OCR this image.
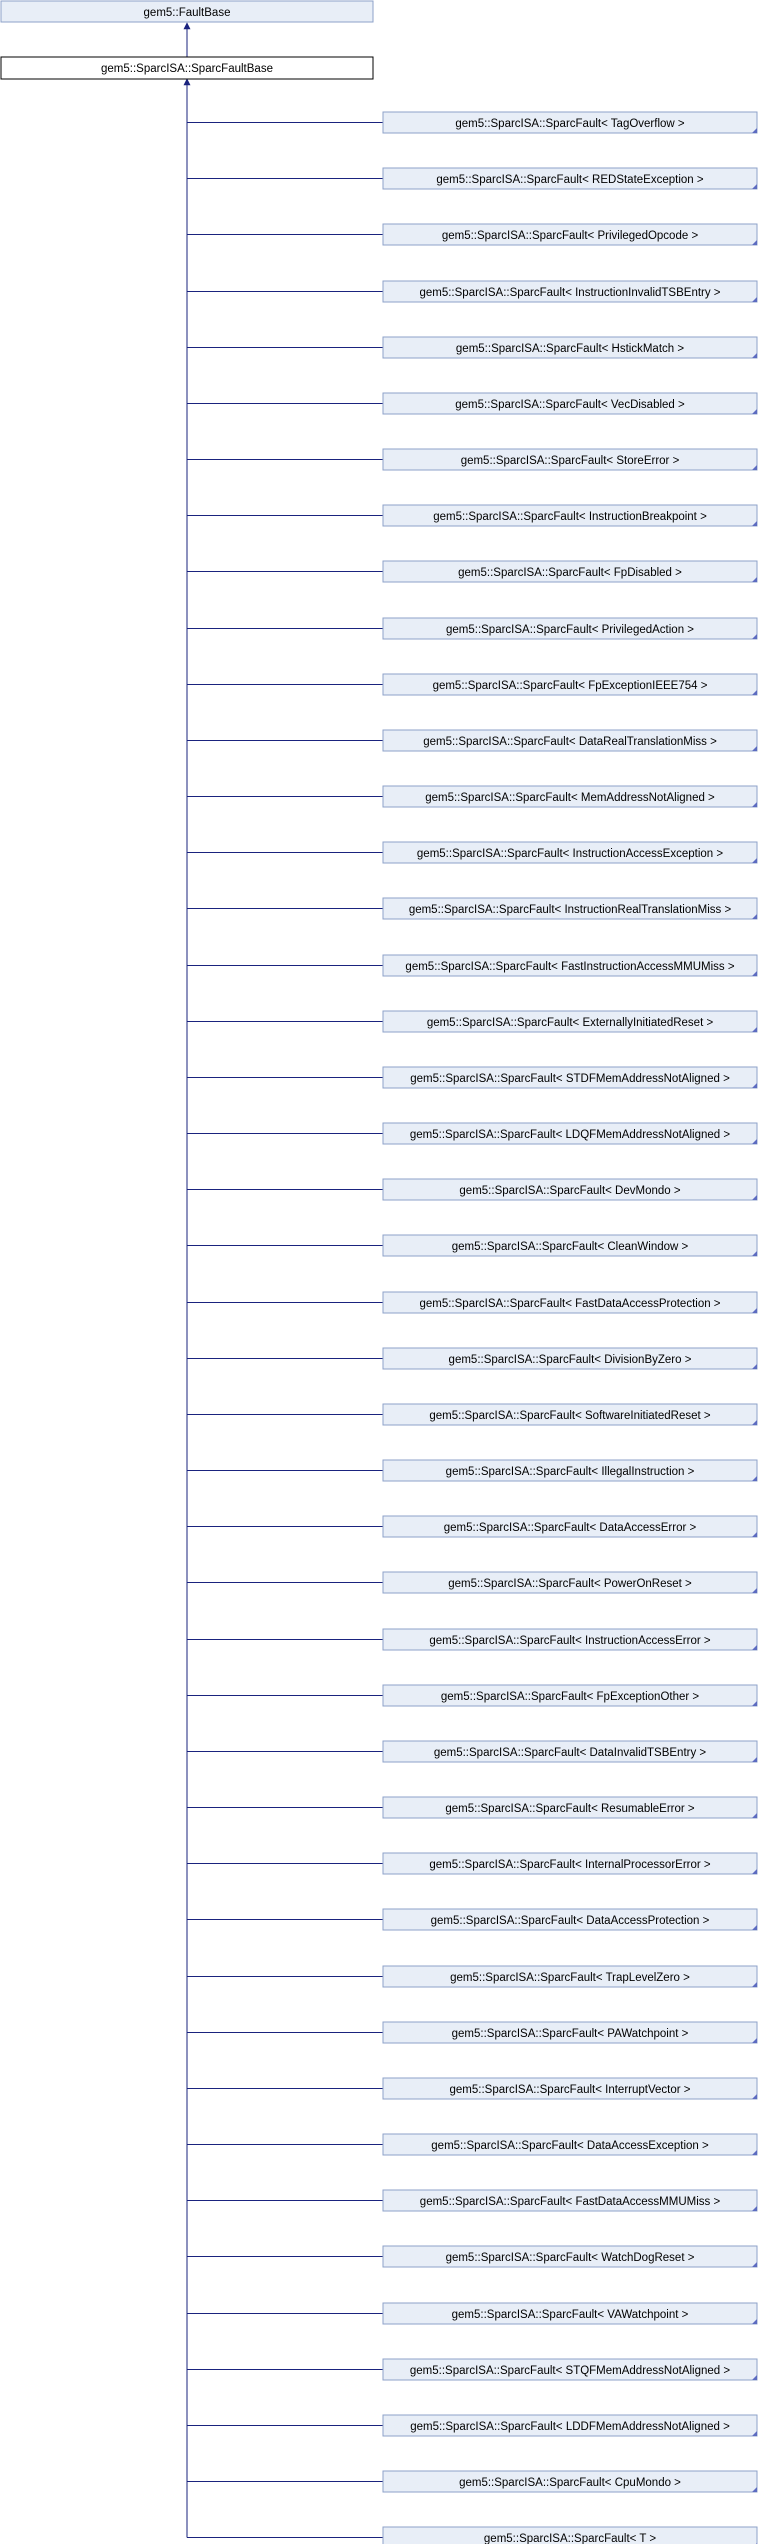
gem5::FaultBase
gem5::SparcISA::SparcFaultBase
gem5::SparcISA::SparcFault< TagOverflow >
gem5::SparcISA::SparcFault< REDStateException >
gem5::SparcISA::SparcFault< PrivilegedOpcode >
gem5::SparcISA::SparcFault< InstructionInvalidTSBEntry >
gem5::SparcISA::SparcFault< HstickMatch >
gem5::SparcISA::SparcFault< VecDisabled >
gem5::SparcISA::SparcFault< StoreError >
gem5::SparcISA::SparcFault< InstructionBreakpoint >
gem5::SparcISA::SparcFault< FpDisabled >
gem5::SparcISA::SparcFault< PrivilegedAction >
gem5::SparcISA::SparcFault< FpExceptionIEEE754 >
gem5::SparcISA::SparcFault< DataRealTranslationMiss >
gem5::SparcISA::SparcFault< MemAddressNotAligned >
gem5::SparcISA::SparcFault< InstructionAccessException >
gem5::SparcISA::SparcFault< InstructionRealTranslationMiss >
gem5::SparcISA::SparcFault< FastInstructionAccessMMUMiss >
gem5::SparcISA::SparcFault< ExternallyInitiatedReset >
gem5::SparcISA::SparcFault< STDFMemAddressNotAligned >
gem5::SparcISA::SparcFault< LDQFMemAddressNotAligned >
gem5::SparcISA::SparcFault< DevMondo >
gem5::SparcISA::SparcFault< CleanWindow >
gem5::SparcISA::SparcFault< FastDataAccessProtection >
gem5::SparcISA::SparcFault< DivisionByZero >
gem5::SparcISA::SparcFault< SoftwareInitiatedReset >
gem5::SparcISA::SparcFault< IllegalInstruction >
gem5::SparcISA::SparcFault< DataAccessError >
gem5::SparcISA::SparcFault< PowerOnReset >
gem5::SparcISA::SparcFault< InstructionAccessError >
gem5::SparcISA::SparcFault< FpExceptionOther >
gem5::SparcISA::SparcFault< DataInvalidTSBEntry >
gem5::SparcISA::SparcFault< ResumableError >
gem5::SparcISA::SparcFault< InternalProcessorError >
gem5::SparcISA::SparcFault< DataAccessProtection >
gem5::SparcISA::SparcFault< TrapLevelZero >
gem5::SparcISA::SparcFault< PAWatchpoint >
gem5::SparcISA::SparcFault< InterruptVector >
gem5::SparcISA::SparcFault< DataAccessException >
gem5::SparcISA::SparcFault< FastDataAccessMMUMiss >
gem5::SparcISA::SparcFault< WatchDogReset >
gem5::SparcISA::SparcFault< VAWatchpoint >
gem5::SparcISA::SparcFault< STQFMemAddressNotAligned >
gem5::SparcISA::SparcFault< LDDFMemAddressNotAligned >
gem5::SparcISA::SparcFault< CpuMondo >
gem5::SparcISA::SparcFault< T >
